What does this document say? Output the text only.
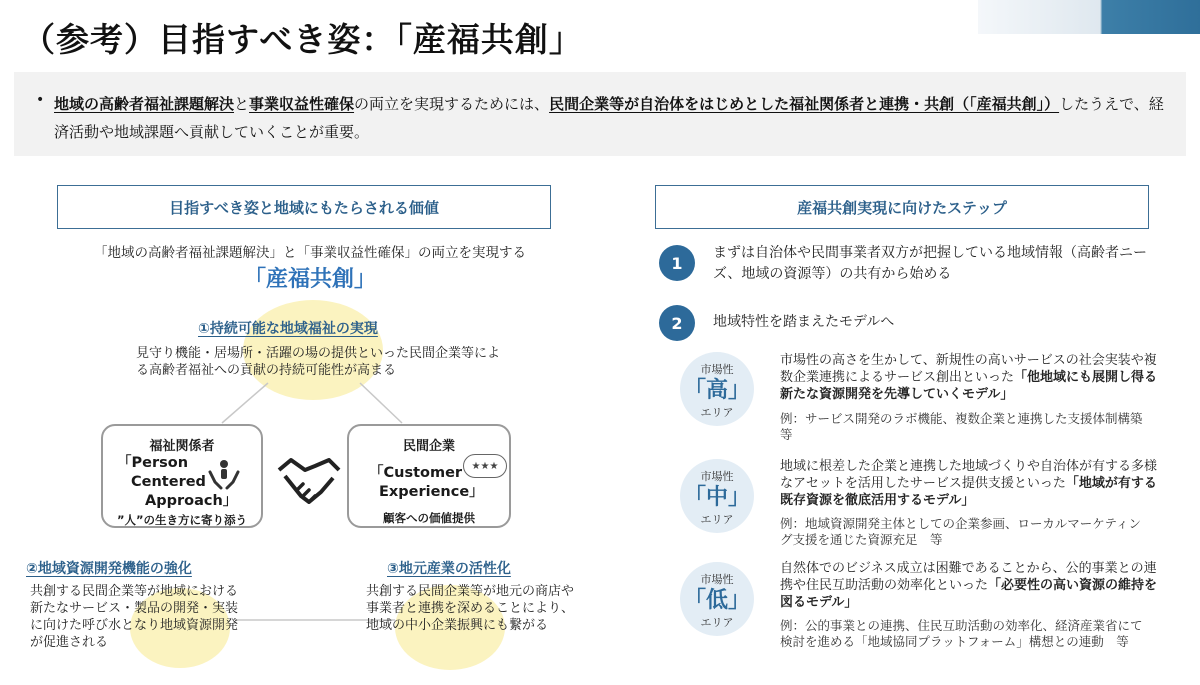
（参考）目指すべき姿：「産福共創」
• 地域の高齢者福祉課題解決と事業収益性確保の両立を実現するためには、民間企業等が自治体をはじめとした福祉関係者と連携・共創（「産福共創」）したうえで、経済活動や地域課題へ貢献していくことが重要。
目指すべき姿と地域にもたらされる価値	産福共創実現に向けたステップ
「地域の高齢者福祉課題解決」と「事業収益性確保」の両立を実現する
「産福共創」
①持続可能な地域福祉の実現
見守り機能・居場所・活躍の場の提供といった民間企業等による高齢者福祉への貢献の持続可能性が高まる
福祉関係者
「Person
Centered
Approach」
”人”の生き方に寄り添う
民間企業
「Customer
Experience」
顧客への価値提供
★★★
②地域資源開発機能の強化
共創する民間企業等が地域における新たなサービス・製品の開発・実装に向けた呼び水となり地域資源開発が促進される
③地元産業の活性化
共創する民間企業等が地元の商店や事業者と連携を深めることにより、地域の中小企業振興にも繋がる
1
まずは自治体や民間事業者双方が把握している地域情報（高齢者ニーズ、地域の資源等）の共有から始める
2	地域特性を踏まえたモデルへ
市場性
「高」
エリア
市場性の高さを生かして、新規性の高いサービスの社会実装や複数企業連携によるサービス創出といった「他地域にも展開し得る新たな資源開発を先導していくモデル」
例：サービス開発のラボ機能、複数企業と連携した支援体制構築　等
市場性
「中」
エリア
地域に根差した企業と連携した地域づくりや自治体が有する多様なアセットを活用したサービス提供支援といった「地域が有する既存資源を徹底活用するモデル」
例：地域資源開発主体としての企業参画、ローカルマーケティング支援を通じた資源充足　等
市場性
「低」
エリア
自然体でのビジネス成立は困難であることから、公的事業との連携や住民互助活動の効率化といった「必要性の高い資源の維持を図るモデル」
例：公的事業との連携、住民互助活動の効率化、経済産業省にて検討を進める「地域協同プラットフォーム」構想との連動　等
